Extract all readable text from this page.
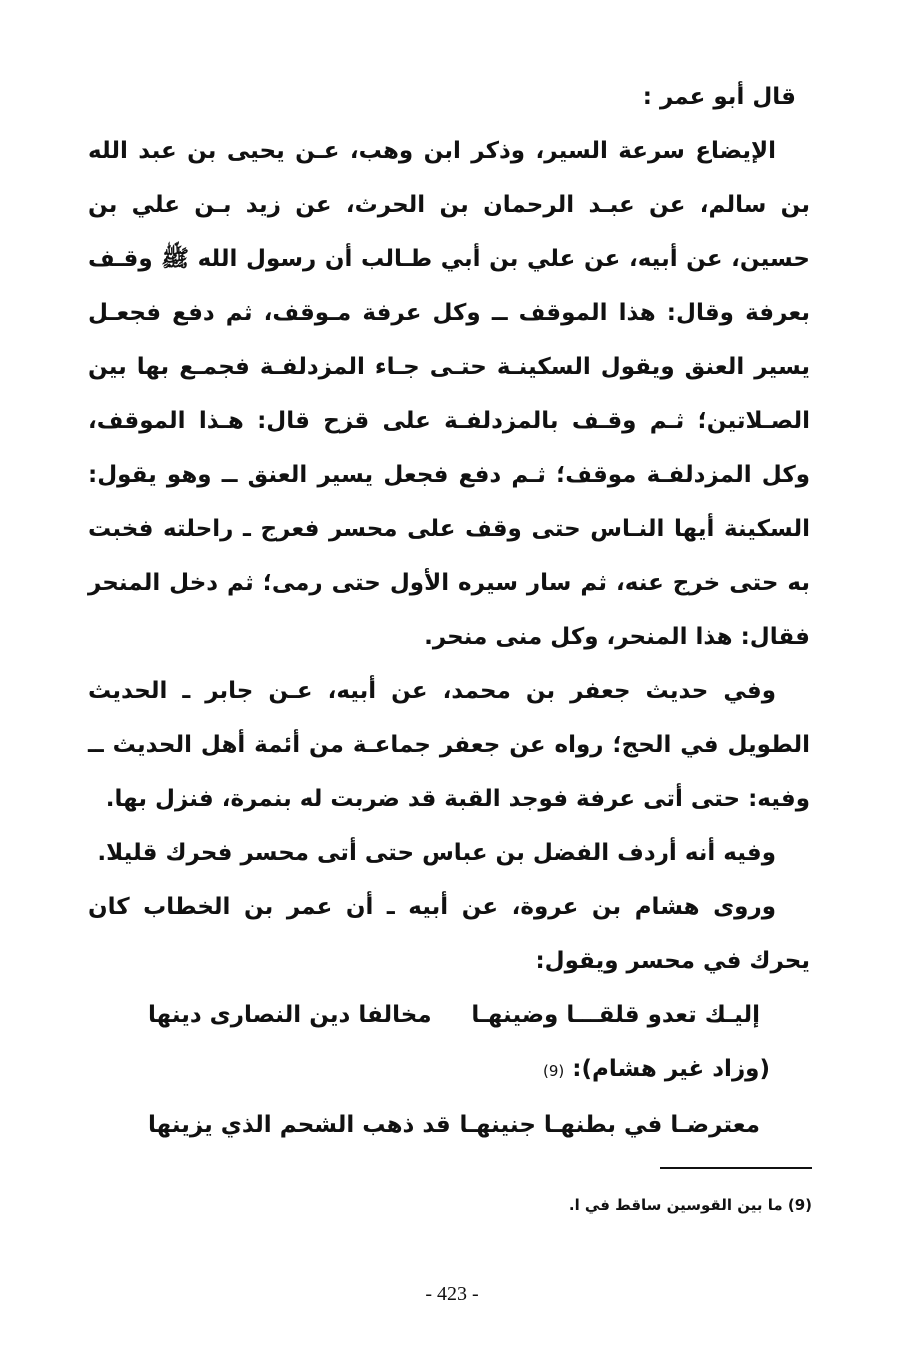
قال أبو عمر :

الإيضاع سرعة السير، وذكر ابن وهب، عـن يحيى بن عبد الله بن سالم، عن عبـد الرحمان بن الحرث، عن زيد بـن علي بن حسين، عن أبيه، عن علي بن أبي طـالب أن رسول الله ﷺ وقـف بعرفة وقال: هذا الموقف ــ وكل عرفة مـوقف، ثم دفع فجعـل يسير العنق ويقول السكينـة حتـى جـاء المزدلفـة فجمـع بها بين الصـلاتين؛ ثـم وقـف بالمزدلفـة على قزح قال: هـذا الموقف، وكل المزدلفـة موقف؛ ثـم دفع فجعل يسير العنق ــ وهو يقول: السكينة أيها النـاس حتى وقف على محسر فعرج ـ راحلته فخبت به حتى خرج عنه، ثم سار سيره الأول حتى رمى؛ ثم دخل المنحر فقال: هذا المنحر، وكل منى منحر.

وفي حديث جعفر بن محمد، عن أبيه، عـن جابر ـ الحديث الطويل في الحج؛ رواه عن جعفر جماعـة من أئمة أهل الحديث ــ وفيه: حتى أتى عرفة فوجد القبة قد ضربت له بنمرة، فنزل بها.

وفيه أنه أردف الفضل بن عباس حتى أتى محسر فحرك قليلا.

وروى هشام بن عروة، عن أبيه ـ أن عمر بن الخطاب كان يحرك في محسر ويقول:

إليـك تعدو قلقـــا وضينهـا
مخالفا دين النصارى دينها

(وزاد غير هشام): (9)

معترضـا في بطنهـا جنينهـا
قد ذهب الشحم الذي يزينها
(9) ما بين القوسين ساقط في ا.
- 423 -
